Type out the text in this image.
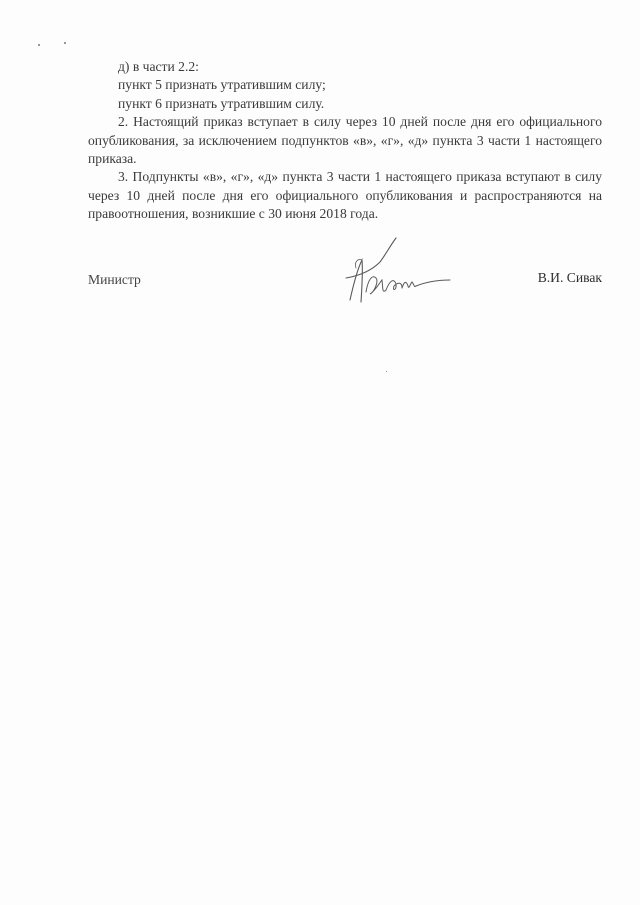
д) в части 2.2:

пункт 5 признать утратившим силу;

пункт 6 признать утратившим силу.

2. Настоящий приказ вступает в силу через 10 дней после дня его официального опубликования, за исключением подпунктов «в», «г», «д» пункта 3 части 1 настоящего приказа.

3. Подпункты «в», «г», «д» пункта 3 части 1 настоящего приказа вступают в силу через 10 дней после дня его официального опубликования и распространяются на правоотношения, возникшие с 30 июня 2018 года.

Министр	В.И. Сивак
